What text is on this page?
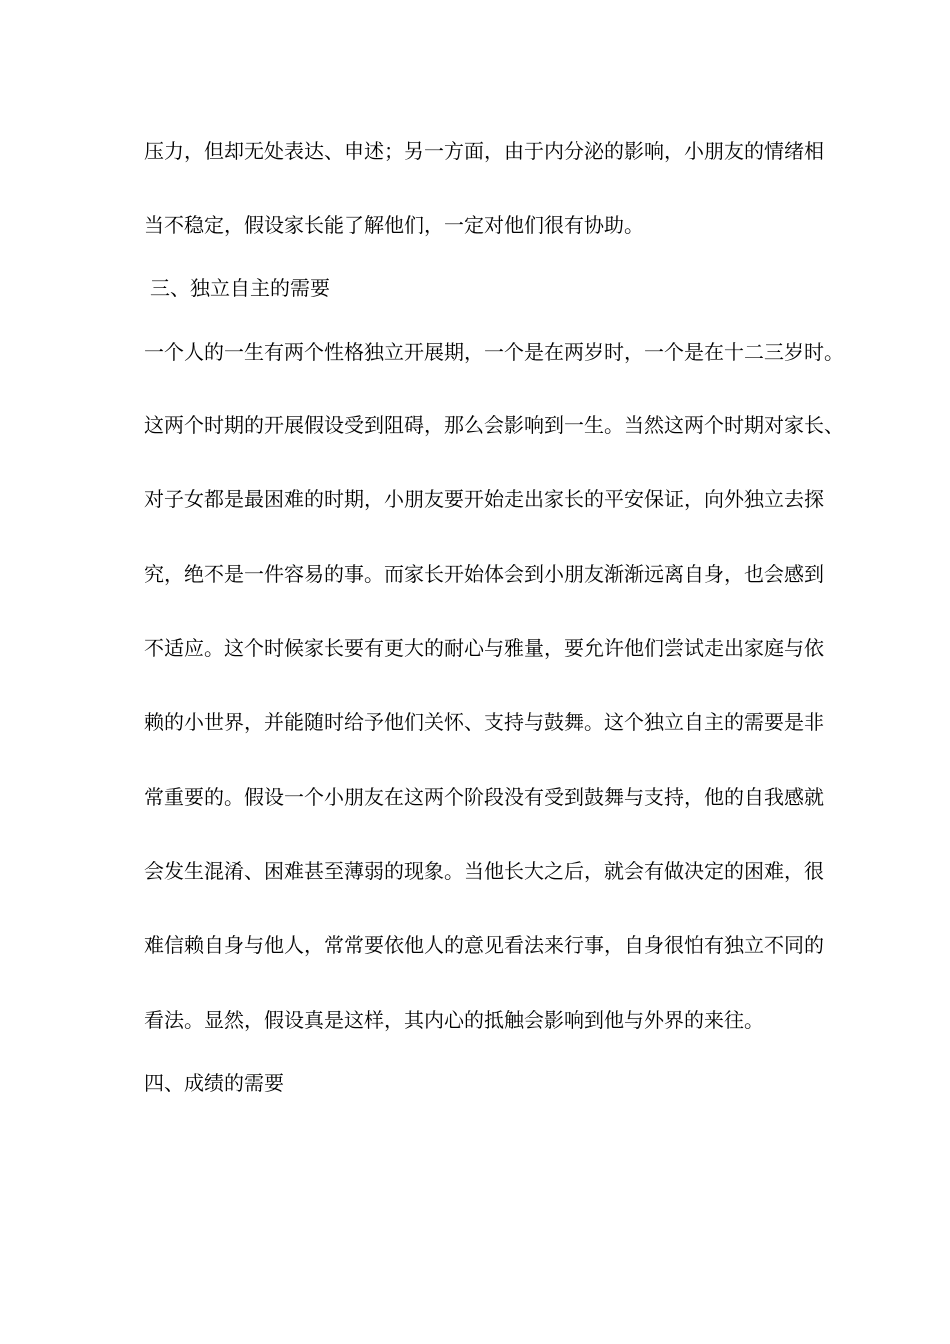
压力，但却无处表达、申述；另一方面，由于内分泌的影响，小朋友的情绪相
当不稳定，假设家长能了解他们，一定对他们很有协助。
三、独立自主的需要
一个人的一生有两个性格独立开展期，一个是在两岁时，一个是在十二三岁时。
这两个时期的开展假设受到阻碍，那么会影响到一生。当然这两个时期对家长、
对子女都是最困难的时期，小朋友要开始走出家长的平安保证，向外独立去探
究，绝不是一件容易的事。而家长开始体会到小朋友渐渐远离自身，也会感到
不适应。这个时候家长要有更大的耐心与雅量，要允许他们尝试走出家庭与依
赖的小世界，并能随时给予他们关怀、支持与鼓舞。这个独立自主的需要是非
常重要的。假设一个小朋友在这两个阶段没有受到鼓舞与支持，他的自我感就
会发生混淆、困难甚至薄弱的现象。当他长大之后，就会有做决定的困难，很
难信赖自身与他人，常常要依他人的意见看法来行事，自身很怕有独立不同的
看法。显然，假设真是这样，其内心的抵触会影响到他与外界的来往。
四、成绩的需要
